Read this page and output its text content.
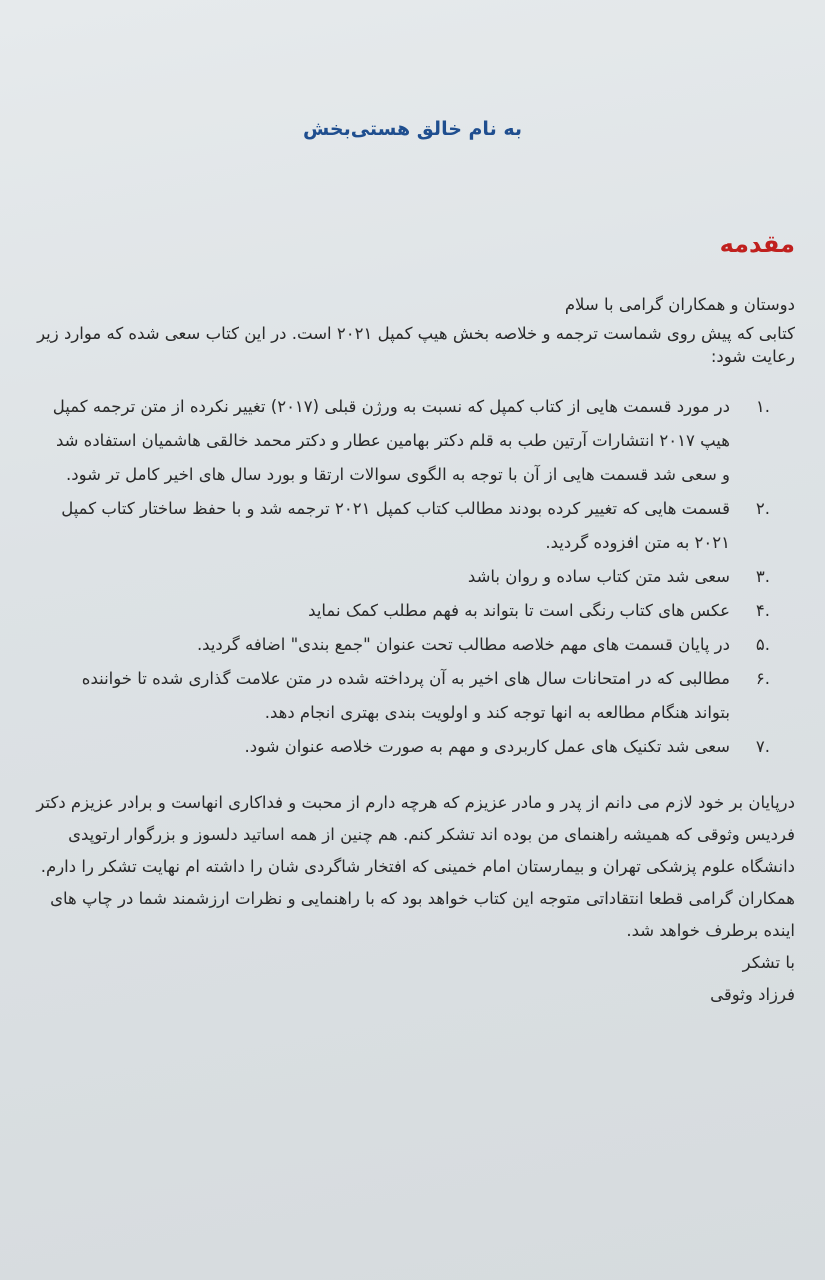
به نام خالق هستی‌بخش
مقدمه
دوستان و همکاران گرامی با سلام
کتابی که پیش روی شماست ترجمه و خلاصه بخش هیپ کمپل ۲۰۲۱ است. در این کتاب سعی شده که موارد زیر رعایت شود:
.۱
در مورد قسمت هایی از کتاب کمپل که نسبت به ورژن قبلی (۲۰۱۷) تغییر نکرده از متن ترجمه کمپل هیپ ۲۰۱۷ انتشارات آرتین طب به قلم دکتر بهامین عطار و دکتر محمد خالقی هاشمیان استفاده شد و سعی شد قسمت هایی از آن با توجه به الگوی سوالات ارتقا و بورد سال های اخیر کامل تر شود.
.۲
قسمت هایی که تغییر کرده بودند مطالب کتاب کمپل ۲۰۲۱ ترجمه شد و با حفظ ساختار کتاب کمپل ۲۰۲۱ به متن افزوده گردید.
.۳
سعی شد متن کتاب ساده و روان باشد
.۴
عکس های کتاب رنگی است تا بتواند به فهم مطلب کمک نماید
.۵
در پایان قسمت های مهم خلاصه مطالب تحت عنوان "جمع بندی" اضافه گردید.
.۶
مطالبی که در امتحانات سال های اخیر به آن پرداخته شده در متن علامت گذاری شده تا خواننده بتواند هنگام مطالعه به انها توجه کند و اولویت بندی بهتری انجام دهد.
.۷
سعی شد تکنیک های عمل کاربردی و مهم به صورت خلاصه عنوان شود.

درپایان بر خود لازم می دانم از پدر و مادر عزیزم که هرچه دارم از محبت و فداکاری انهاست و برادر عزیزم دکتر فردیس وثوقی که همیشه راهنمای من بوده اند تشکر کنم. هم چنین از همه اساتید دلسوز و بزرگوار ارتوپدی دانشگاه علوم پزشکی تهران و بیمارستان امام خمینی که افتخار شاگردی شان را داشته ام نهایت تشکر را دارم.

همکاران گرامی قطعا انتقاداتی متوجه این کتاب خواهد بود که با راهنمایی و نظرات ارزشمند شما در چاپ های اینده برطرف خواهد شد.

با تشکر

فرزاد وثوقی
